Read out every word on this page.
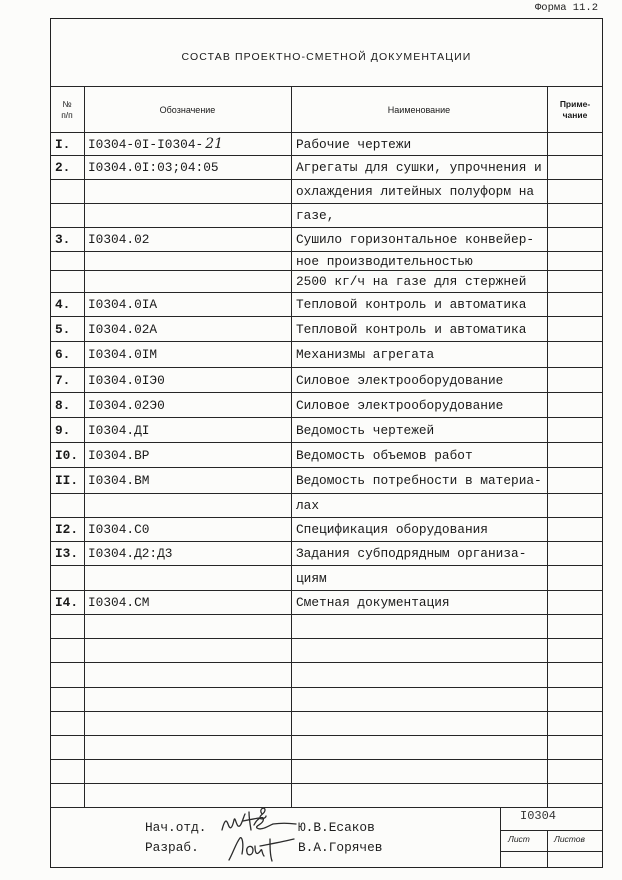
Форма 11.2
СОСТАВ ПРОЕКТНО-СМЕТНОЙ ДОКУМЕНТАЦИИ
№
п/п
Обозначение	Наименование
Приме-
чание
I. I0304-0I-I0304- 21	Рабочие чертежи
2. I0304.0I:03;04:05	Агрегаты для сушки, упрочнения и
охлаждения литейных полуформ на
газе,
3. I0304.02	Сушило горизонтальное конвейер-
ное производительностью
2500 кг/ч на газе для стержней
4. I0304.0IA	Тепловой контроль и автоматика
5. I0304.02A	Тепловой контроль и автоматика
6. I0304.0IM	Механизмы агрегата
7. I0304.0IЭ0	Силовое электрооборудование
8. I0304.02Э0	Силовое электрооборудование
9. I0304.ДI	Ведомость чертежей
I0. I0304.ВР	Ведомость объемов работ
II. I0304.ВМ	Ведомость потребности в материа-
лах
I2. I0304.С0	Спецификация оборудования
I3. I0304.Д2:Д3	Задания субподрядным организа-
циям
I4. I0304.СМ	Сметная документация
I0304
Лист	Листов
Нач.отд.
Разраб.
Ю.В.Есаков
В.А.Горячев
